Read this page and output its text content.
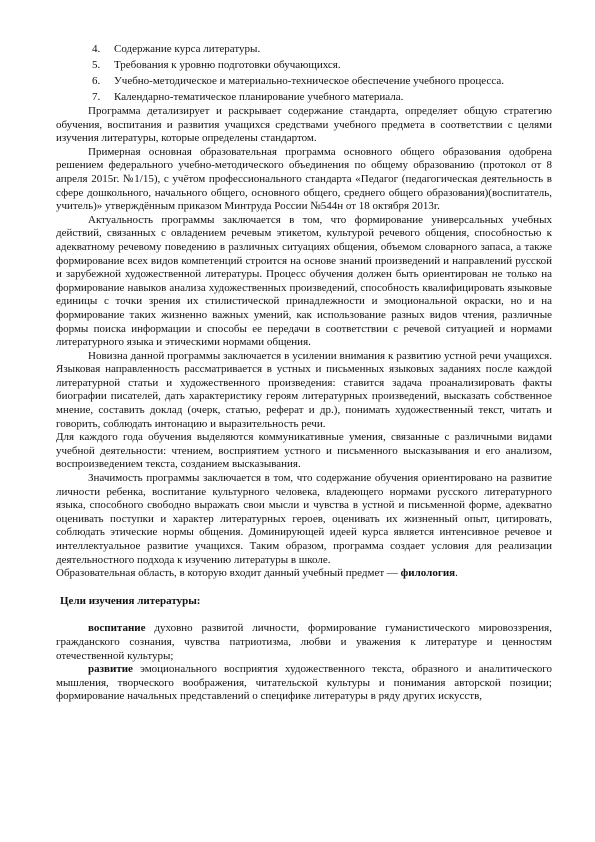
4.	Содержание курса литературы.
5.	Требования к уровню подготовки обучающихся.
6.	Учебно-методическое и материально-техническое обеспечение учебного процесса.
7.	Календарно-тематическое планирование учебного материала.

Программа детализирует и раскрывает содержание стандарта, определяет общую стратегию обучения, воспитания и развития учащихся средствами учебного предмета в соответствии с целями изучения литературы, которые определены стандартом.

Примерная основная образовательная программа основного общего образования одобрена решением федерального учебно-методического объединения по общему образованию (протокол от 8 апреля 2015г. №1/15), с учётом профессионального стандарта «Педагог (педагогическая деятельность в сфере дошкольного, начального общего, основного общего, среднего общего образования)(воспитатель, учитель)» утверждённым приказом Минтруда России №544н от 18 октября 2013г.

Актуальность программы заключается в том, что формирование универсальных учебных действий, связанных с овладением речевым этикетом, культурой речевого общения, способностью к адекватному речевому поведению в различных ситуациях общения, объемом словарного запаса, а также формирование всех видов компетенций строится на основе знаний произведений и направлений русской и зарубежной художественной литературы. Процесс обучения должен быть ориентирован не только на формирование навыков анализа художественных произведений, способность квалифицировать языковые единицы с точки зрения их стилистической принадлежности и эмоциональной окраски, но и на формирование таких жизненно важных умений, как использование разных видов чтения, различные формы поиска информации и способы ее передачи в соответствии с речевой ситуацией и нормами литературного языка и этическими нормами общения.

Новизна данной программы заключается в усилении внимания к развитию устной речи учащихся. Языковая направленность рассматривается в устных и письменных языковых заданиях после каждой литературной статьи и художественного произведения: ставится задача проанализировать факты биографии писателей, дать характеристику героям литературных произведений, высказать собственное мнение, составить доклад (очерк, статью, реферат и др.), понимать художественный текст, читать и говорить, соблюдать интонацию и выразительность речи.

Для каждого года обучения выделяются коммуникативные умения, связанные с различными видами учебной деятельности: чтением, восприятием устного и письменного высказывания и его анализом, воспроизведением текста, созданием высказывания.

Значимость программы заключается в том, что содержание обучения ориентировано на развитие личности ребенка, воспитание культурного человека, владеющего нормами русского литературного языка, способного свободно выражать свои мысли и чувства в устной и письменной форме, адекватно оценивать поступки и характер литературных героев, оценивать их жизненный опыт, цитировать, соблюдать этические нормы общения. Доминирующей идеей курса является интенсивное речевое и интеллектуальное развитие учащихся. Таким образом, программа создает условия для реализации деятельностного подхода к изучению литературы в школе.

Образовательная область, в которую входит данный учебный предмет — филология.

Цели изучения литературы:

воспитание духовно развитой личности, формирование гуманистического мировоззрения, гражданского сознания, чувства патриотизма, любви и уважения к литературе и ценностям отечественной культуры;

развитие эмоционального восприятия художественного текста, образного и аналитического мышления, творческого воображения, читательской культуры и понимания авторской позиции; формирование начальных представлений о специфике литературы в ряду других искусств,
